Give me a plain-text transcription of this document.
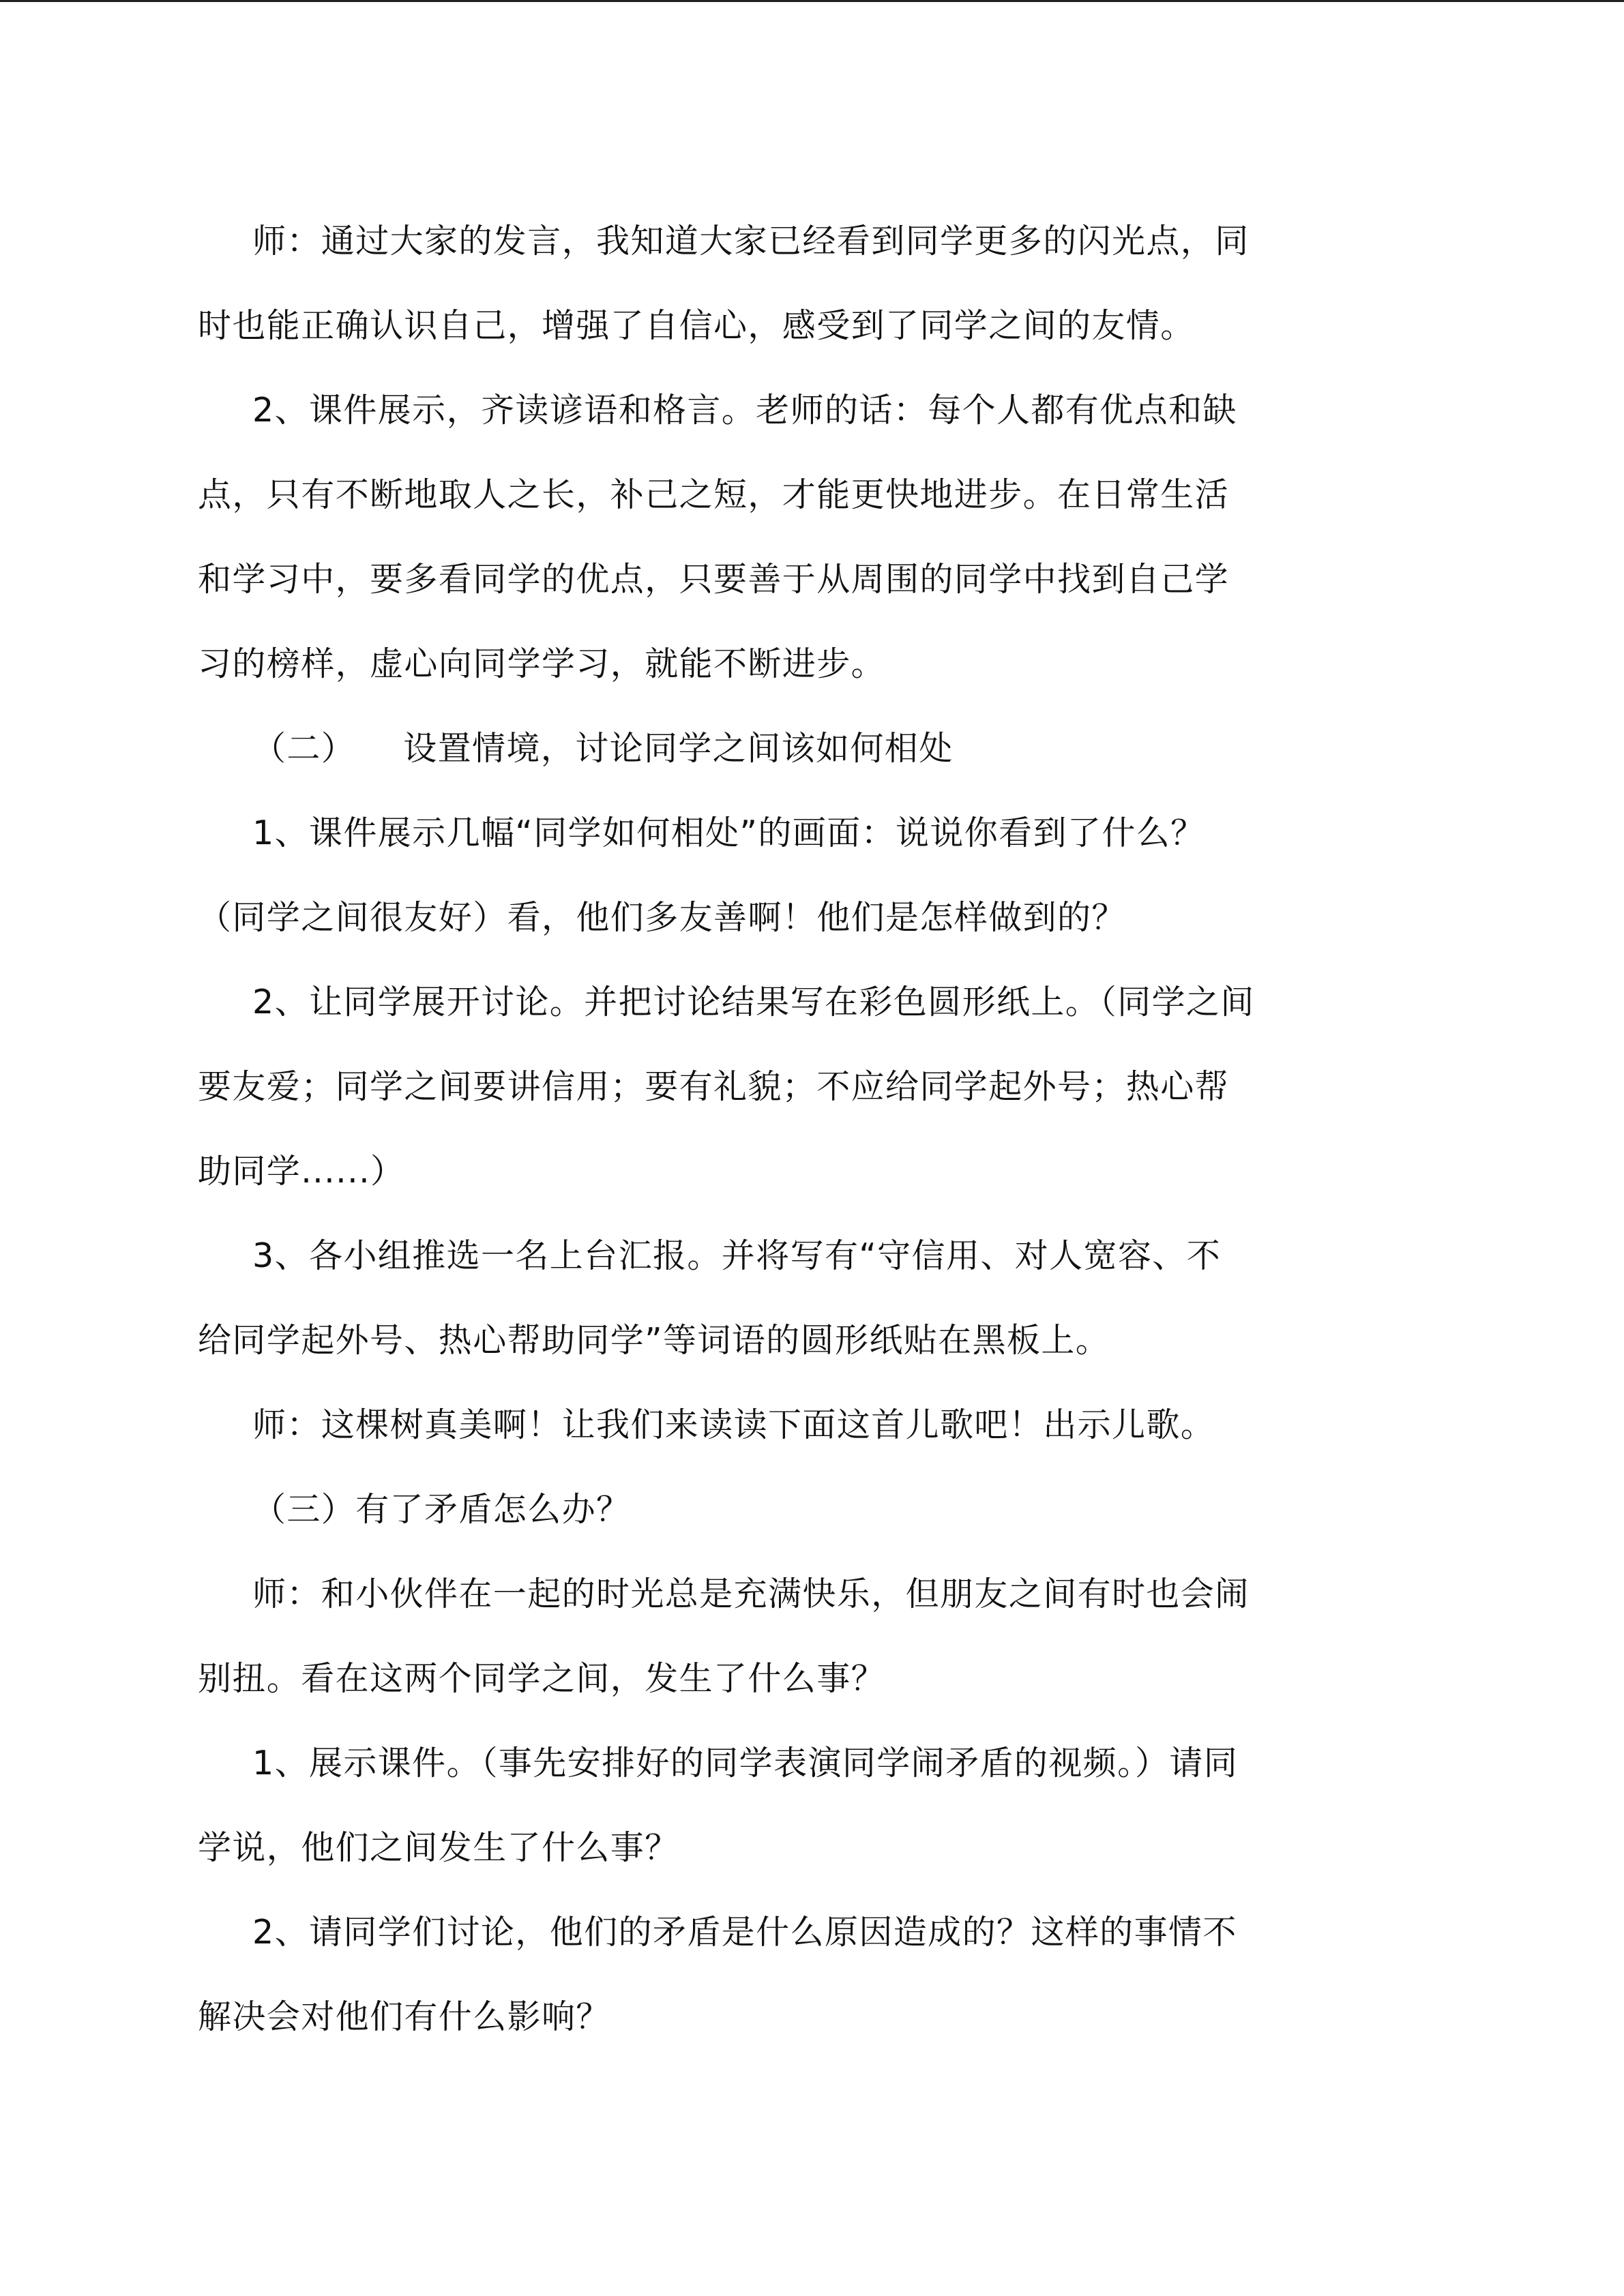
师：通过大家的发言，我知道大家已经看到同学更多的闪光点，同
时也能正确认识自己，增强了自信心，感受到了同学之间的友情。
2、课件展示，齐读谚语和格言。老师的话：每个人都有优点和缺
点，只有不断地取人之长，补己之短，才能更快地进步。在日常生活
和学习中，要多看同学的优点，只要善于从周围的同学中找到自己学
习的榜样，虚心向同学学习，就能不断进步。
（二） 设置情境，讨论同学之间该如何相处
1、课件展示几幅“同学如何相处”的画面：说说你看到了什么？
（同学之间很友好）看，他们多友善啊！他们是怎样做到的？
2、让同学展开讨论。并把讨论结果写在彩色圆形纸上。（同学之间
要友爱；同学之间要讲信用；要有礼貌；不应给同学起外号；热心帮
助同学......）
3、各小组推选一名上台汇报。并将写有“守信用、对人宽容、不
给同学起外号、热心帮助同学”等词语的圆形纸贴在黑板上。
师：这棵树真美啊！让我们来读读下面这首儿歌吧！出示儿歌。
（三）有了矛盾怎么办？
师：和小伙伴在一起的时光总是充满快乐，但朋友之间有时也会闹
别扭。看在这两个同学之间，发生了什么事？
1、展示课件。（事先安排好的同学表演同学闹矛盾的视频。）请同
学说，他们之间发生了什么事？
2、请同学们讨论，他们的矛盾是什么原因造成的？这样的事情不
解决会对他们有什么影响？
